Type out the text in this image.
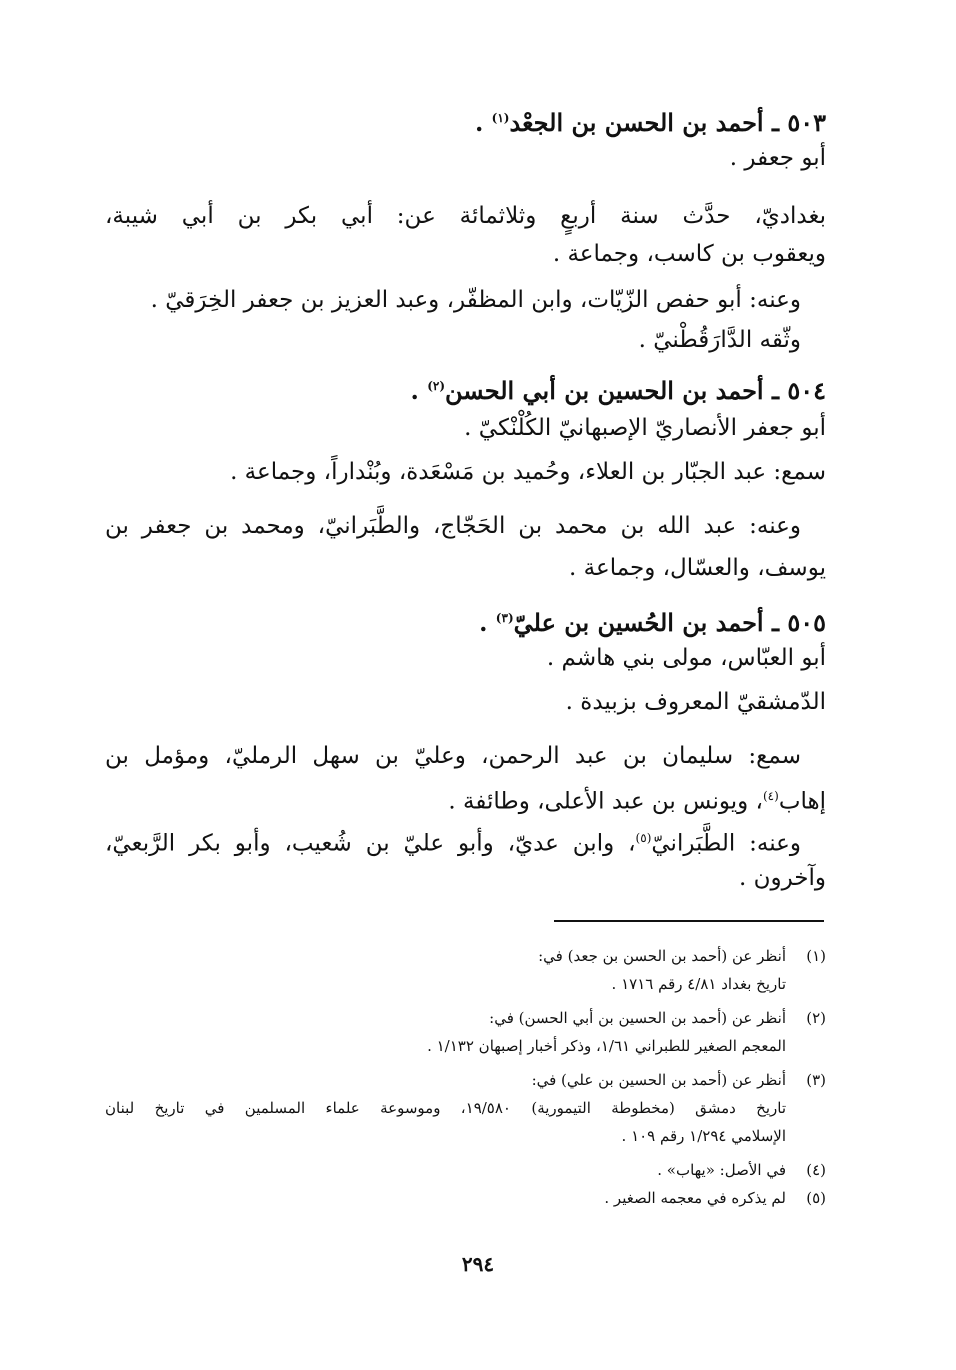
٥٠٣ ـ أحمد بن الحسن بن الجعْد$^{(١)}$ .
أبو جعفر .
بغداديّ، حدَّث سنة أربعٍ وثلاثمائة عن: أبي بكر بن أبي شيبة،
ويعقوب بن كاسب، وجماعة .
وعنه: أبو حفص الزّيّات، وابن المظفّر، وعبد العزيز بن جعفر الخِرَقيّ .
وثّقه الدَّارَقُطْنيّ .
٥٠٤ ـ أحمد بن الحسين بن أبي الحسن$^{(٢)}$ .
أبو جعفر الأنصاريّ الإصبهانيّ الكُلْنْكيّ .
سمع: عبد الجبّار بن العلاء، وحُميد بن مَسْعَدة، وبُنْداراً، وجماعة .
وعنه: عبد الله بن محمد بن الحَجّاج، والطَّبَرانيّ، ومحمد بن جعفر بن
يوسف، والعسّال، وجماعة .
٥٠٥ ـ أحمد بن الحُسين بن عليّ$^{(٣)}$ .
أبو العبّاس، مولى بني هاشم .
الدّمشقيّ المعروف بزبيدة .
سمع: سليمان بن عبد الرحمن، وعليّ بن سهل الرمليّ، ومؤمل بن
إهاب$^{(٤)}$، ويونس بن عبد الأعلى، وطائفة .
وعنه: الطَّبَرانيّ$^{(٥)}$، وابن عديّ، وأبو عليّ بن شُعيب، وأبو بكر الرَّبعيّ،
وآخرون .
(١)
أنظر عن (أحمد بن الحسن بن جعد) في:
تاريخ بغداد ٤/٨١ رقم ١٧١٦ .
(٢)
أنظر عن (أحمد بن الحسين بن أبي الحسن) في:
المعجم الصغير للطبراني ١/٦١، وذكر أخبار إصبهان ١/١٣٢ .
(٣)
أنظر عن (أحمد بن الحسين بن علي) في:
تاريخ دمشق (مخطوطة التيمورية) ١٩/٥٨٠، وموسوعة علماء المسلمين في تاريخ لبنان
الإسلامي ١/٢٩٤ رقم ١٠٩ .
(٤)
في الأصل: «يهاب» .
(٥)
لم يذكره في معجمه الصغير .
٢٩٤
